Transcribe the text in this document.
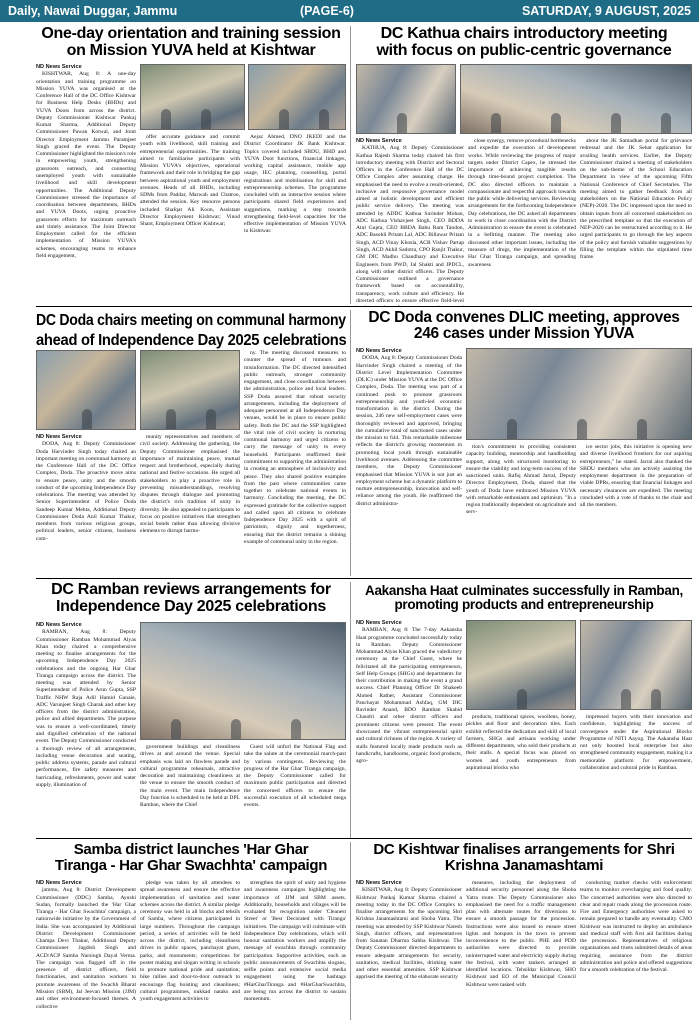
Daily, Nawai Duggar, Jammu	(PAGE-6)	SATURDAY, 9 AUGUST, 2025
One-day orientation and training session
on Mission YUVA held at Kishtwar
ND News Service

KISHTWAR, Aug 8: A one-day orientation and training programme on Mission YUVA was organised at the Conference Hall of the DC Office Kishtwar for Business Help Desks (BHDs) and YUVA Doots from across the district. Deputy Commissioner Kishtwar Pankaj Kumar Sharma, Additional Deputy Commissioner Pawan Kotwal, and Joint Director Employment Jammu Paramjeet Singh graced the event. The Deputy Commissioner highlighted the mission's role in empowering youth, strengthening grassroots outreach, and connecting unemployed youth with sustainable livelihood and skill development opportunities. The Additional Deputy Commissioner stressed the importance of coordination between departments, BHDs and YUVA Doots, urging proactive grassroots efforts for maximum outreach and timely assistance. The Joint Director Employment called for the efficient implementation of Mission YUVA's schemes, encouraging teams to enhance field engagement,

offer accurate guidance and commit youth with livelihood, skill training and entrepreneurial opportunities. The training aimed to familiarise participants with Mission YUVA's objectives, operational framework and their role in bridging the gap between aspirational youth and employment avenues. Heads of all BHDs, including SDMs from Paddar, Marwah and Chatroo, attended the session. Key resource persons included Shafqat Ali Koon, Assistant Director Employment Kishtwar; Vinod Shant, Employment Officer Kishtwar;

Aejaz Ahmed, DNO JKEDI and the District Coordinator JK Bank Kishtwar. Topics covered included SBDU, BHD and YUVA Doot functions, financial linkages, working capital assistance, mobile app usage, IEC planning, counselling, portal registrations and mobilisation for skill and entrepreneurship schemes. The programme concluded with an interactive session where participants shared field experiences and suggestions, marking a step towards strengthening field-level capacities for the effective implementation of Mission YUVA in Kishtwar.

DC Kathua chairs introductory meeting
with focus on public-centric governance
ND News Service

KATHUA, Aug 8: Deputy Commissioner Kathua Rajesh Sharma today chaired his first introductory meeting with District and Sectoral Officers in the Conference Hall of the DC Office Complex after assuming charge. He emphasised the need to evolve a result-oriented, inclusive and responsive governance model aimed at holistic development and efficient public service delivery. The meeting was attended by ADDC Kathua Surinder Mohan, ADC Kathua Vishavjeet Singh, CEO BDDA Atul Gupta, CEO BBDA Babu Ram Tandon, ADC Basohli Pritam Lal, ADC Billawar Pritam Singh, ACD Vinay Khosla, ACR Vishav Partap Singh, ACD Akhil Sadotra, CPO Ranjit Thakur, GM DIC Madhu Chaudhary and Executive Engineers from PWD, Jal Shakti and JPDCL, along with other district officers. The Deputy Commissioner outlined a governance framework based on accountability, transparency, work culture and efficiency. He directed officers to ensure effective field-level

close synergy, remove procedural bottlenecks and expedite the execution of development works. While reviewing the progress of major targets under District Capex, he stressed the importance of achieving tangible results through time-bound project completion. The DC also directed officers to maintain a compassionate and respectful approach towards the public while delivering services. Reviewing arrangements for the forthcoming Independence Day celebrations, the DC asked all departments to work in close coordination with the District Administration to ensure the event is celebrated in a befitting manner. The meeting also discussed other important issues, including the measure of drugs, the implementation of the Har Ghar Tiranga campaign, and spreading awareness

about the JK Samadhan portal for grievance redressal and the JK Sehat application for availing health services. Earlier, the Deputy Commissioner chaired a meeting of stakeholders on the sub-theme of the School Education Department in view of the upcoming Fifth National Conference of Chief Secretaries. The meeting aimed to gather feedback from all stakeholders on the National Education Policy (NEP)-2020. The DC impressed upon the need to obtain inputs from all concerned stakeholders on the prescribed template so that the execution of NEP-2020 can be restructured according to it. He urged participants to go through the key aspects of the policy and furnish valuable suggestions by filling the template within the stipulated time frame.

DC Doda chairs meeting on communal harmony ahead of Independence Day 2025 celebrations
ND News Service

DODA, Aug 8: Deputy Commissioner Doda Harvinder Singh today chaired an important meeting on communal harmony at the Conference Hall of the DC Office Complex, Doda. The proactive move aims to ensure peace, unity and the smooth conduct of the upcoming Independence Day celebrations. The meeting was attended by Senior Superintendent of Police Doda Sandeep Kumar Mehta, Additional Deputy Commissioner Doda Anil Kumar Thakur, members from various religious groups, political leaders, senior citizens, business com-

munity representatives and members of civil society. Addressing the gathering, the Deputy Commissioner emphasised the importance of maintaining peace, mutual respect and brotherhood, especially during national and festive occasions. He urged all stakeholders to play a proactive role in preventing misunderstandings, resolving disputes through dialogue and promoting the district's rich tradition of unity in diversity. He also appealed to participants to focus on positive initiatives that strengthen social bonds rather than allowing divisive elements to disrupt harmo-

ny. The meeting discussed measures to counter the spread of rumours and misinformation. The DC directed intensified public outreach, stronger community engagement, and close coordination between the administration, police and local leaders. SSP Doda assured that robust security arrangements, including the deployment of adequate personnel at all Independence Day venues, would be in place to ensure public safety. Both the DC and the SSP highlighted the vital role of civil society in nurturing communal harmony and urged citizens to carry the message of unity to every household. Participants reaffirmed their commitment to supporting the administration in creating an atmosphere of inclusivity and peace. They also shared positive examples from the past where communities came together to celebrate national events in harmony. Concluding the meeting, the DC expressed gratitude for the collective support and called upon all citizens to celebrate Independence Day 2025 with a spirit of patriotism, dignity and togetherness, ensuring that the district remains a shining example of communal unity in the region.

DC Doda convenes DLIC meeting, approves
246 cases under Mission YUVA
ND News Service

DODA, Aug 8: Deputy Commissioner Doda Harvinder Singh chaired a meeting of the District Level Implementation Committee (DLIC) under Mission YUVA at the DC Office Complex, Doda. The meeting was part of a continued push to promote grassroots entrepreneurship and youth-led economic transformation in the district. During the session, 246 new self-employment cases were thoroughly reviewed and approved, bringing the cumulative total of sanctioned cases under the mission to 644. This remarkable milestone reflects the district's growing momentum in promoting local youth through sustainable livelihood avenues. Addressing the committee members, the Deputy Commissioner emphasised that Mission YUVA is not just an employment scheme but a dynamic platform to nurture entrepreneurship, innovation and self-reliance among the youth. He reaffirmed the district administra-

tion's commitment to providing consistent capacity building, mentorship and handholding support, along with structured monitoring to ensure the viability and long-term success of the sanctioned units. Rafiq Ahmad Jarral, Deputy Director Employment, Doda, shared that the youth of Doda have embraced Mission YUVA with remarkable enthusiasm and optimism. "In a region traditionally dependent on agriculture and serv-

ice sector jobs, this initiative is opening new and diverse livelihood frontiers for our aspiring entrepreneurs," he stated. Jarral also thanked the SBDU members who are actively assisting the employment department in the preparation of viable DPRs, ensuring that financial linkages and necessary clearances are expedited. The meeting concluded with a vote of thanks to the chair and all the members.

DC Ramban reviews arrangements for
Independence Day 2025 celebrations
ND News Service

RAMBAN, Aug 8: Deputy Commissioner Ramban Mohammad Alyas Khan today chaired a comprehensive meeting to finalise arrangements for the upcoming Independence Day 2025 celebrations and the ongoing Har Ghar Tiranga campaign across the district. The meeting was attended by Senior Superintendent of Police Arun Gupta, SSP Traffic NHW Raja Adil Hamid Ganaie, ADC Varunjeet Singh Charak and other key officers from the district administration, police and allied departments. The purpose was to ensure a well-coordinated, timely and dignified celebration of the national event. The Deputy Commissioner conducted a thorough review of all arrangements, including venue decoration and seating, public address systems, parade and cultural performances, fire safety measures and barricading, refreshments, power and water supply, illumination of

government buildings and cleanliness drives at and around the venue. Special emphasis was laid on flawless parade and cultural programme rehearsals, attractive decoration and maintaining cleanliness at the venue to ensure the smooth conduct of the main event. The main Independence Day function is scheduled to be held at DPL Ramban, where the Chief

Guest will unfurl the National Flag and take the salute at the ceremonial march-past by various contingents. Reviewing the progress of the Har Ghar Tiranga campaign, the Deputy Commissioner called for maximum public participation and directed the concerned officers to ensure the successful execution of all scheduled mega events.

Aakansha Haat culminates successfully in Ramban,
promoting products and entrepreneurship
ND News Service

RAMBAN, Aug 8: The 7-day Aakansha Haat programme concluded successfully today in Ramban. Deputy Commissioner Mohammad Alyas Khan graced the valedictory ceremony as the Chief Guest, where he felicitated all the participating entrepreneurs, Self Help Groups (SHGs) and departments for their contribution in making the event a grand success. Chief Planning Officer Dr Shakeeb Ahmed Rather, Assistant Commissioner Panchayat Mohammad Ashfaq, GM DIC Ravinder Anand, BDO Ramban Shahid Chaudri and other district officers and prominent citizens were present. The event showcased the vibrant entrepreneurial spirit and cultural richness of the region. A variety of stalls featured locally made products such as handicrafts, handlooms, organic food products, agro-

products, traditional spices, woollens, honey, pickles and floor and decoration tiles. Each exhibit reflected the dedication and skill of local farmers, SHGs and artisans working under different departments, who sold their products at their stalls. A special focus was placed on women and youth entrepreneurs from aspirational blocks who

impressed buyers with their innovation and confidence, highlighting the success of convergence under the Aspirational Blocks Programme of NITI Aayog. The Aakansha Haat not only boosted local enterprise but also strengthened community engagement, making it a memorable platform for empowerment, collaboration and cultural pride in Ramban.

Samba district launches 'Har Ghar
Tiranga - Har Ghar Swachhta' campaign
ND News Service

jammu, Aug 8: District Development Commissioner (DDC) Samba, Ayushi Sudan, formally launched the 'Har Ghar Tiranga - Har Ghar Swachhta' campaign, a nationwide initiative by the Government of India. She was accompanied by Additional District Development Commissioner Champa Devi Thakur, Additional Deputy Commissioner Jagdish Singh and ACD/ACP Samba Narsingh Dayal Verma. The campaign was flagged off in the presence of district officers, field functionaries, and sanitation workers to promote awareness of the Swachh Bharat Mission (SBM), Jal Jeevan Mission (JJM) and other environment-focused themes. A collective

pledge was taken by all attendees to spread awareness and ensure the effective implementation of sanitation and water schemes across the district. A similar pledge ceremony was held in all blocks and tehsils of Samba, where citizens participated in large numbers. Throughout the campaign period, a series of activities will be held across the district, including cleanliness drives in public spaces, panchayat ghars, parks, and monuments; competitions for poster making and slogan writing in schools to promote national pride and sanitation; bike rallies and door-to-door outreach to encourage flag hoisting and cleanliness; cultural programmes, nukkad nataks and youth engagement activities to

strengthen the spirit of unity and hygiene and awareness campaigns highlighting the importance of JJM and SBM assets. Additionally, households and villages will be evaluated for recognition under 'Cleanest Street' or 'Best Decorated with Tiranga' initiatives. The campaign will culminate with Independence Day celebrations, which will honour sanitation workers and amplify the message of swachhta through community participation. Supportive activities, such as public announcements of Swachhta slogans, selfie points and extensive social media engagement using the hashtags #HarGharTiranga and #HarGharSwachhta, are being run across the district to sustain momentum.

DC Kishtwar finalises arrangements for Shri
Krishna Janamashtami
ND News Service

KISHTWAR, Aug 8: Deputy Commissioner Kishtwar Pankaj Kumar Sharma chaired a meeting today in the DC Office Complex to finalise arrangements for the upcoming Shri Krishna Janamashtami and Shoba Yatra. The meeting was attended by SSP Kishtwar Naresh Singh, district officers, and representatives from Sanatan Dharma Sabha Kishtwar. The Deputy Commissioner directed departments to ensure adequate arrangements for security, sanitation, medical facilities, drinking water and other essential amenities. SSP Kishtwar apprised the meeting of the elaborate security

measures, including the deployment of additional security personnel along the Shoba Yatra route. The Deputy Commissioner also emphasised the need for a traffic management plan with alternate routes for diversions to ensure a smooth passage for the procession. Instructions were also issued to ensure street lights and hotspots in the town to prevent inconvenience to the public. PHE and PDD authorities were directed to provide uninterrupted water and electricity supply during the festival, with water tankers arranged at identified locations. Tehsildar Kishtwar, SHO Kishtwar and EO of the Municipal Council Kishtwar were tasked with

conducting market checks with enforcement teams to monitor overcharging and food quality. The concerned authorities were also directed to clear and repair roads along the procession route. Fire and Emergency authorities were asked to remain prepared to handle any eventuality. CMO Kishtwar was instructed to deploy an ambulance and medical staff with first aid facilities during the procession. Representatives of religious organisations and trusts submitted details of areas requiring assistance from the district administration and police and offered suggestions for a smooth celebration of the festival.
